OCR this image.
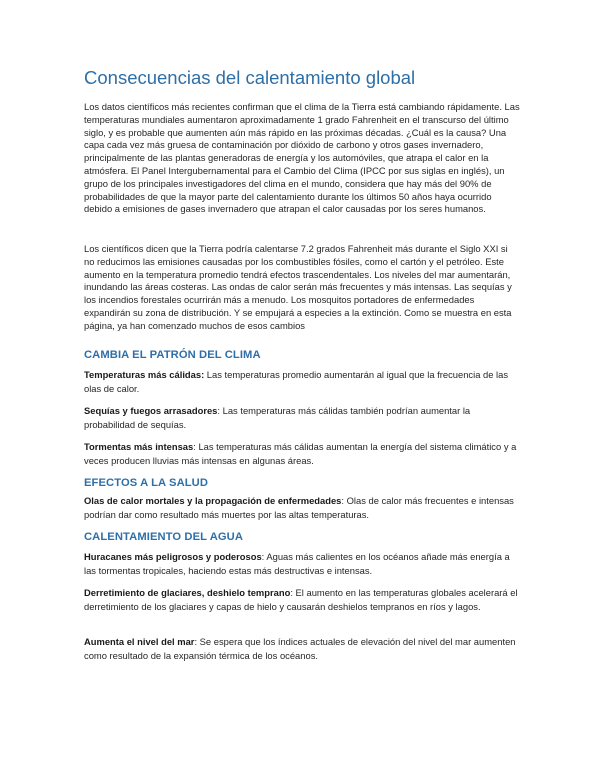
Consecuencias del calentamiento global

Los datos científicos más recientes confirman que el clima de la Tierra está cambiando rápidamente. Las temperaturas mundiales aumentaron aproximadamente 1 grado Fahrenheit en el transcurso del último siglo, y es probable que aumenten aún más rápido en las próximas décadas. ¿Cuál es la causa? Una capa cada vez más gruesa de contaminación por dióxido de carbono y otros gases invernadero, principalmente de las plantas generadoras de energía y los automóviles, que atrapa el calor en la atmósfera. El Panel Intergubernamental para el Cambio del Clima (IPCC por sus siglas en inglés), un grupo de los principales investigadores del clima en el mundo, considera que hay más del 90% de probabilidades de que la mayor parte del calentamiento durante los últimos 50 años haya ocurrido debido a emisiones de gases invernadero que atrapan el calor causadas por los seres humanos.

Los científicos dicen que la Tierra podría calentarse 7.2 grados Fahrenheit más durante el Siglo XXI si no reducimos las emisiones causadas por los combustibles fósiles, como el cartón y el petróleo. Este aumento en la temperatura promedio tendrá efectos trascendentales. Los niveles del mar aumentarán, inundando las áreas costeras. Las ondas de calor serán más frecuentes y más intensas. Las sequías y los incendios forestales ocurrirán más a menudo. Los mosquitos portadores de enfermedades expandirán su zona de distribución. Y se empujará a especies a la extinción. Como se muestra en esta página, ya han comenzado muchos de esos cambios

CAMBIA EL PATRÓN DEL CLIMA

Temperaturas más cálidas: Las temperaturas promedio aumentarán al igual que la frecuencia de las olas de calor.

Sequías y fuegos arrasadores: Las temperaturas más cálidas también podrían aumentar la probabilidad de sequías.

Tormentas más intensas: Las temperaturas más cálidas aumentan la energía del sistema climático y a veces producen lluvias más intensas en algunas áreas.

EFECTOS A LA SALUD

Olas de calor mortales y la propagación de enfermedades: Olas de calor más frecuentes e intensas podrían dar como resultado más muertes por las altas temperaturas.

CALENTAMIENTO DEL AGUA

Huracanes más peligrosos y poderosos: Aguas más calientes en los océanos añade más energía a las tormentas tropicales, haciendo estas más destructivas e intensas.

Derretimiento de glaciares, deshielo temprano: El aumento en las temperaturas globales acelerará el derretimiento de los glaciares y capas de hielo y causarán deshielos tempranos en ríos y lagos.

Aumenta el nivel del mar: Se espera que los índices actuales de elevación del nivel del mar aumenten como resultado de la expansión térmica de los océanos.
